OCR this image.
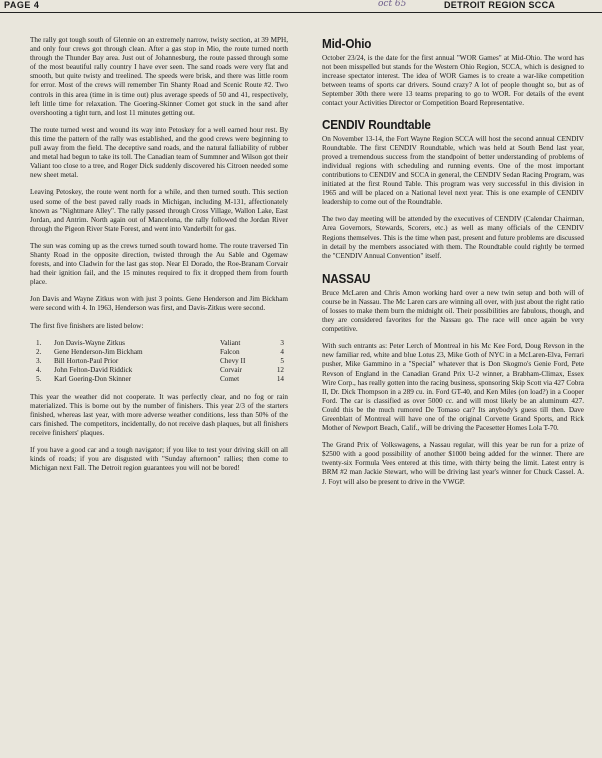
PAGE 4	oct 65	DETROIT REGION SCCA

The rally got tough south of Glennie on an extremely narrow, twisty section, at 39 MPH, and only four crews got through clean. After a gas stop in Mio, the route turned north through the Thunder Bay area. Just out of Johannesburg, the route passed through some of the most beautiful rally country I have ever seen. The sand roads were very flat and smooth, but quite twisty and treelined. The speeds were brisk, and there was little room for error. Most of the crews will remember Tin Shanty Road and Scenic Route #2. Two controls in this area (time in is time out) plus average speeds of 50 and 41, respectively, left little time for relaxation. The Goering-Skinner Comet got stuck in the sand after overshooting a tight turn, and lost 11 minutes getting out.

The route turned west and wound its way into Petoskey for a well earned hour rest. By this time the pattern of the rally was established, and the good crews were beginning to pull away from the field. The deceptive sand roads, and the natural falliability of rubber and metal had begun to take its toll. The Canadian team of Summner and Wilson got their Valiant too close to a tree, and Roger Dick suddenly discovered his Citroen needed some new sheet metal.

Leaving Petoskey, the route went north for a while, and then turned south. This section used some of the best paved rally roads in Michigan, including M-131, affectionately known as "Nightmare Alley". The rally passed through Cross Village, Wallon Lake, East Jordan, and Antrim. North again out of Mancelona, the rally followed the Jordan River through the Pigeon River State Forest, and went into Vanderbilt for gas.

The sun was coming up as the crews turned south toward home. The route traversed Tin Shanty Road in the opposite direction, twisted through the Au Sable and Ogemaw forests, and into Cladwin for the last gas stop. Near El Dorado, the Roe-Branam Corvair had their ignition fail, and the 15 minutes required to fix it dropped them from fourth place.

Jon Davis and Wayne Zitkus won with just 3 points. Gene Henderson and Jim Bickham were second with 4. In 1963, Henderson was first, and Davis-Zitkus were second.

The first five finishers are listed below:

1.	Jon Davis-Wayne Zitkus	Valiant	3
2.	Gene Henderson-Jim Bickham	Falcon	4
3.	Bill Horton-Paul Prior	Chevy II	5
4.	John Felton-David Riddick	Corvair	12
5.	Karl Goering-Don Skinner	Comet	14

This year the weather did not cooperate. It was perfectly clear, and no fog or rain materialized. This is borne out by the number of finishers. This year 2/3 of the starters finished, whereas last year, with more adverse weather conditions, less than 50% of the cars finished. The competitors, incidentally, do not receive dash plaques, but all finishers receive finishers' plaques.

If you have a good car and a tough navigator; if you like to test your driving skill on all kinds of roads; if you are disgusted with "Sunday afternoon" rallies; then come to Michigan next Fall. The Detroit region guarantees you will not be bored!

Mid-Ohio

October 23/24, is the date for the first annual "WOR Games" at Mid-Ohio. The word has not been misspelled but stands for the Western Ohio Region, SCCA, which is designed to increase spectator interest. The idea of WOR Games is to create a war-like competition between teams of sports car drivers. Sound crazy? A lot of people thought so, but as of September 30th there were 13 teams preparing to go to WOR. For details of the event contact your Activities Director or Competition Board Representative.

CENDIV Roundtable

On November 13-14, the Fort Wayne Region SCCA will host the second annual CENDIV Roundtable. The first CENDIV Roundtable, which was held at South Bend last year, proved a tremendous success from the standpoint of better understanding of problems of individual regions with scheduling and running events. One of the most important contributions to CENDIV and SCCA in general, the CENDIV Sedan Racing Program, was initiated at the first Round Table. This program was very successful in this division in 1965 and will be placed on a National level next year. This is one example of CENDIV leadership to come out of the Roundtable.

The two day meeting will be attended by the executives of CENDIV (Calendar Chairman, Area Governors, Stewards, Scorers, etc.) as well as many officials of the CENDIV Regions themselves. This is the time when past, present and future problems are discussed in detail by the members associated with them. The Roundtable could rightly be termed the "CENDIV Annual Convention" itself.

NASSAU

Bruce McLaren and Chris Amon working hard over a new twin setup and both will of course be in Nassau. The Mc Laren cars are winning all over, with just about the right ratio of losses to make them burn the midnight oil. Their possibilities are fabulous, though, and they are considered favorites for the Nassau go. The race will once again be very competitive.

With such entrants as: Peter Lerch of Montreal in his Mc Kee Ford, Doug Revson in the new familiar red, white and blue Lotus 23, Mike Goth of NYC in a McLaren-Elva, Ferrari pusher, Mike Gammino in a "Special" whatever that is Don Skogmo's Genie Ford, Pete Revson of England in the Canadian Grand Prix U-2 winner, a Brabham-Climax, Essex Wire Corp., has really gotten into the racing business, sponsoring Skip Scott via 427 Cobra II, Dr. Dick Thompson in a 289 cu. in. Ford GT-40, and Ken Miles (on load?) in a Cooper Ford. The car is classified as over 5000 cc. and will most likely be an aluminum 427. Could this be the much rumored De Tomaso car? Its anybody's guess till then. Dave Greenblatt of Montreal will have one of the original Corvette Grand Sports, and Rick Mother of Newport Beach, Calif., will be driving the Pacesetter Homes Lola T-70.

The Grand Prix of Volkswagens, a Nassau regular, will this year be run for a prize of $2500 with a good possibility of another $1000 being added for the winner. There are twenty-six Formula Vees entered at this time, with thirty being the limit. Latest entry is BRM #2 man Jackie Stewart, who will be driving last year's winner for Chuck Cassel. A. J. Foyt will also be present to drive in the VWGP.
